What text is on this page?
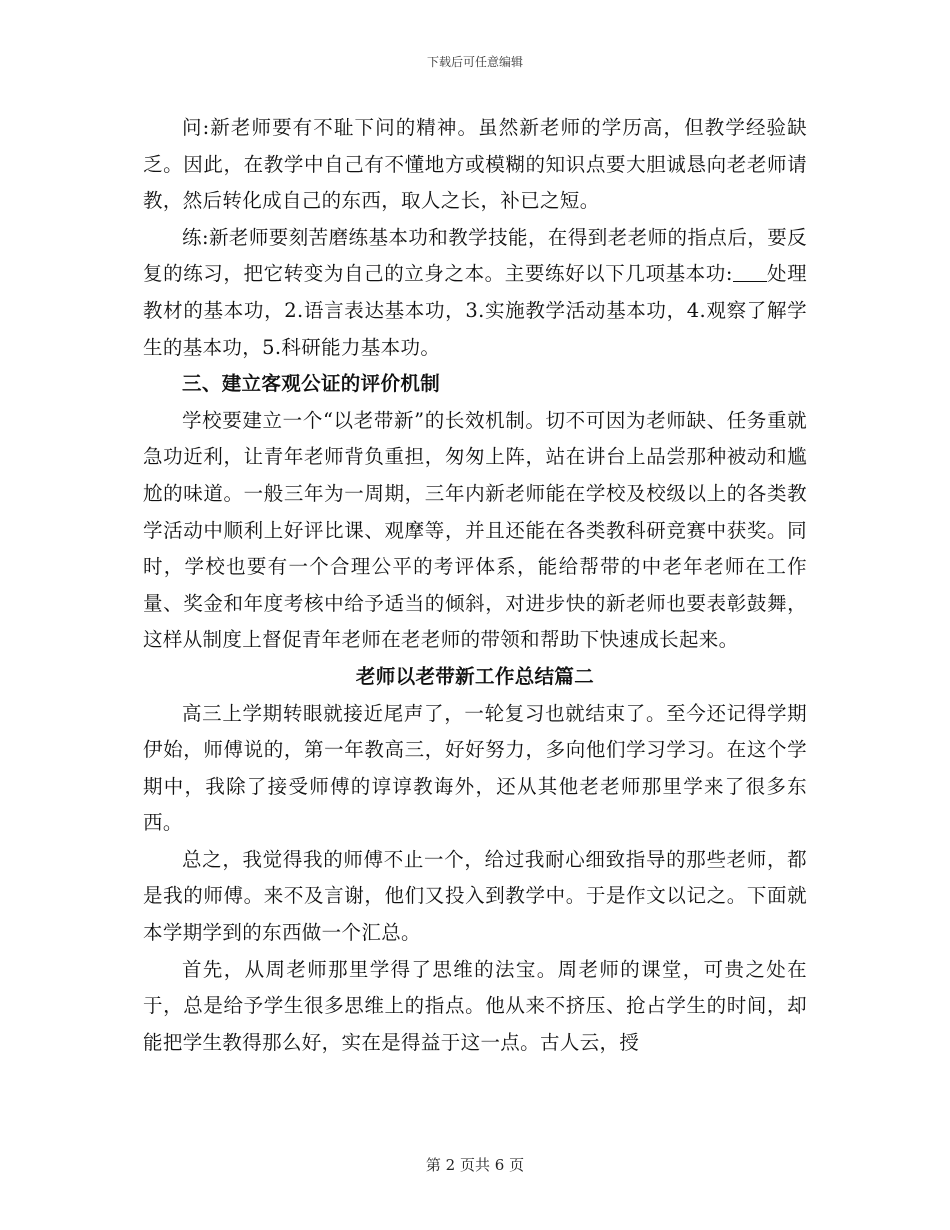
下载后可任意编辑

问:新老师要有不耻下问的精神。虽然新老师的学历高，但教学经验缺乏。因此，在教学中自己有不懂地方或模糊的知识点要大胆诚恳向老老师请教，然后转化成自己的东西，取人之长，补已之短。

练:新老师要刻苦磨练基本功和教学技能，在得到老老师的指点后，要反复的练习，把它转变为自己的立身之本。主要练好以下几项基本功: 处理教材的基本功，2.语言表达基本功，3.实施教学活动基本功，4.观察了解学生的基本功，5.科研能力基本功。

三、建立客观公证的评价机制

学校要建立一个“以老带新”的长效机制。切不可因为老师缺、任务重就急功近利，让青年老师背负重担，匆匆上阵，站在讲台上品尝那种被动和尴尬的味道。一般三年为一周期，三年内新老师能在学校及校级以上的各类教学活动中顺利上好评比课、观摩等，并且还能在各类教科研竞赛中获奖。同时，学校也要有一个合理公平的考评体系，能给帮带的中老年老师在工作量、奖金和年度考核中给予适当的倾斜，对进步快的新老师也要表彰鼓舞，这样从制度上督促青年老师在老老师的带领和帮助下快速成长起来。

老师以老带新工作总结篇二

高三上学期转眼就接近尾声了，一轮复习也就结束了。至今还记得学期伊始，师傅说的，第一年教高三，好好努力，多向他们学习学习。在这个学期中，我除了接受师傅的谆谆教诲外，还从其他老老师那里学来了很多东西。

总之，我觉得我的师傅不止一个，给过我耐心细致指导的那些老师，都是我的师傅。来不及言谢，他们又投入到教学中。于是作文以记之。下面就本学期学到的东西做一个汇总。

首先，从周老师那里学得了思维的法宝。周老师的课堂，可贵之处在于，总是给予学生很多思维上的指点。他从来不挤压、抢占学生的时间，却能把学生教得那么好，实在是得益于这一点。古人云，授

第 2 页共 6 页
